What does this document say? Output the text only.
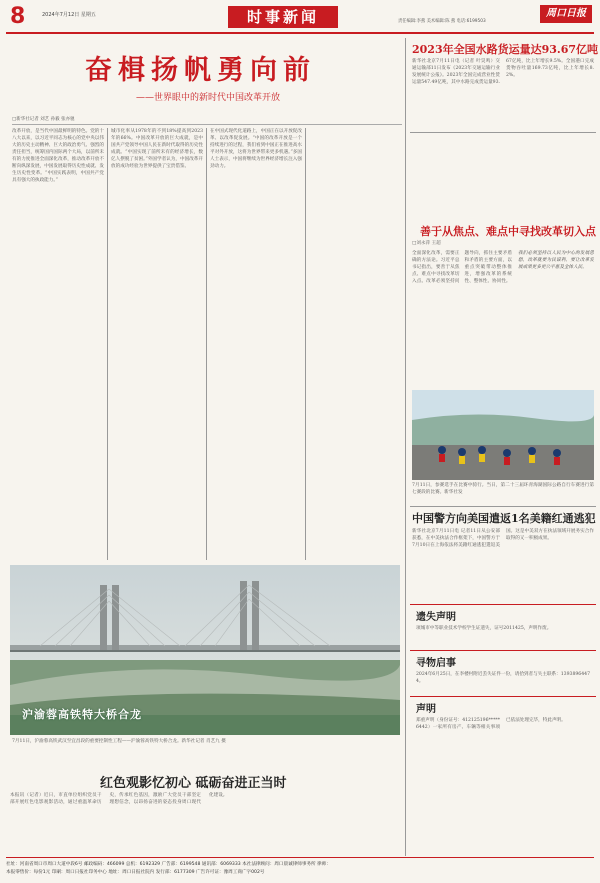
8	2024年7月12日 星期五	时事新闻	责任编辑:李燕 美术编辑:陈 燕 电话:6199503
周口日报
奋楫扬帆勇向前
——世界眼中的新时代中国改革开放
□新华社记者 刘艺 孙毅 张亦驰
改革开放，是当代中国最鲜明的特色。党的十八大以来，以习近平同志为核心的党中央以伟大的历史主动精神、巨大的政治勇气、强烈的责任担当，统筹国内国际两个大局，以前所未有的力度推进全面深化改革，推动改革开放不断向纵深发展，中国发展取得历史性成就、发生历史性变革。“中国实践表明，中国共产党具有强大的执政能力。”
城市化率从1978年的不到18%提高到2023年的66%。中国改革开放的巨大成就，是中国共产党领导中国人民在新时代取得的历史性成就。“中国实现了前所未有的经济增长，数亿人摆脱了贫困。”外国学者认为，中国改革开放的成功经验为世界提供了宝贵借鉴。
在中国式现代化道路上，中国正在以开放促改革、以改革促发展。“中国的改革开放是一个持续进行的过程，我们看到中国正在推进高水平对外开放，这将为世界带来更多机遇。”多国人士表示，中国将继续为世界经济增长注入强劲动力。
沪渝蓉高铁特大桥合龙
7月11日，沪渝蓉高铁武汉至宜昌段的重要控制性工程——沪渝蓉高铁特大桥合龙。新华社记者 肖艺九 摄
红色观影忆初心 砥砺奋进正当时
本报讯（记者）近日，市直单位组织党员干部开展红色电影观影活动，通过重温革命历史，传承红色基因，激励广大党员干部坚定理想信念，以昂扬奋进的姿态投身周口现代化建设。
2023年全国水路货运量达93.67亿吨
新华社北京7月11日电（记者 叶昊鸣）交通运输部11日发布《2023年交通运输行业发展统计公报》。2023年全国完成营业性货运量547.49亿吨，其中水路完成货运量93.67亿吨，比上年增长9.5%。全国港口完成货物吞吐量169.73亿吨，比上年增长8.2%。
善于从焦点、难点中寻找改革切入点
□刘永萍 王超
全面深化改革，需要正确的方法论。习近平总书记指出，要善于从焦点、难点中寻找改革切入点。改革必须坚持问题导向，抓住主要矛盾和矛盾的主要方面，以重点突破带动整体推进，增强改革的系统性、整体性、协同性。
我们必须坚持以人民为中心的发展思想，改革就要为民谋利，要让改革发展成果更多更公平惠及全体人民。
7月11日，参赛选手在比赛中骑行。当日，第二十三届环青海湖国际公路自行车赛进行第七赛段的比赛。新华社发
中国警方向美国遣返1名美籍红通逃犯
新华社北京7月11日电 记者11日从公安部获悉，在中美执法合作框架下，中国警方于7月10日在上海依法将美籍红通逃犯遣返美国。这是中美双方在执法领域开展务实合作取得的又一积极成果。
遗失声明
项城市中等职业技术学校学生证遗失，证号2011425，声明作废。
寻物启事
2024年6月25日，在李楼村附近丢失证件一份，请拾到者与失主联系：13938964474。
声明
郑重声明（身份证号：412125196*****6442）一家所有房产、车辆等相关事项已依法处理完毕，特此声明。
社址：河南省周口市周口大道中段6号 邮政编码：466099 总机：6192329 广告部：6199548 通讯部：6069333 本社法律顾问：周口晨诚律师事务所 律师：
本报零售价：每份1元 印刷：周口日报社印务中心 地址：周口日报社院内 发行部：6177309 广告许可证：豫周工商广字002号
